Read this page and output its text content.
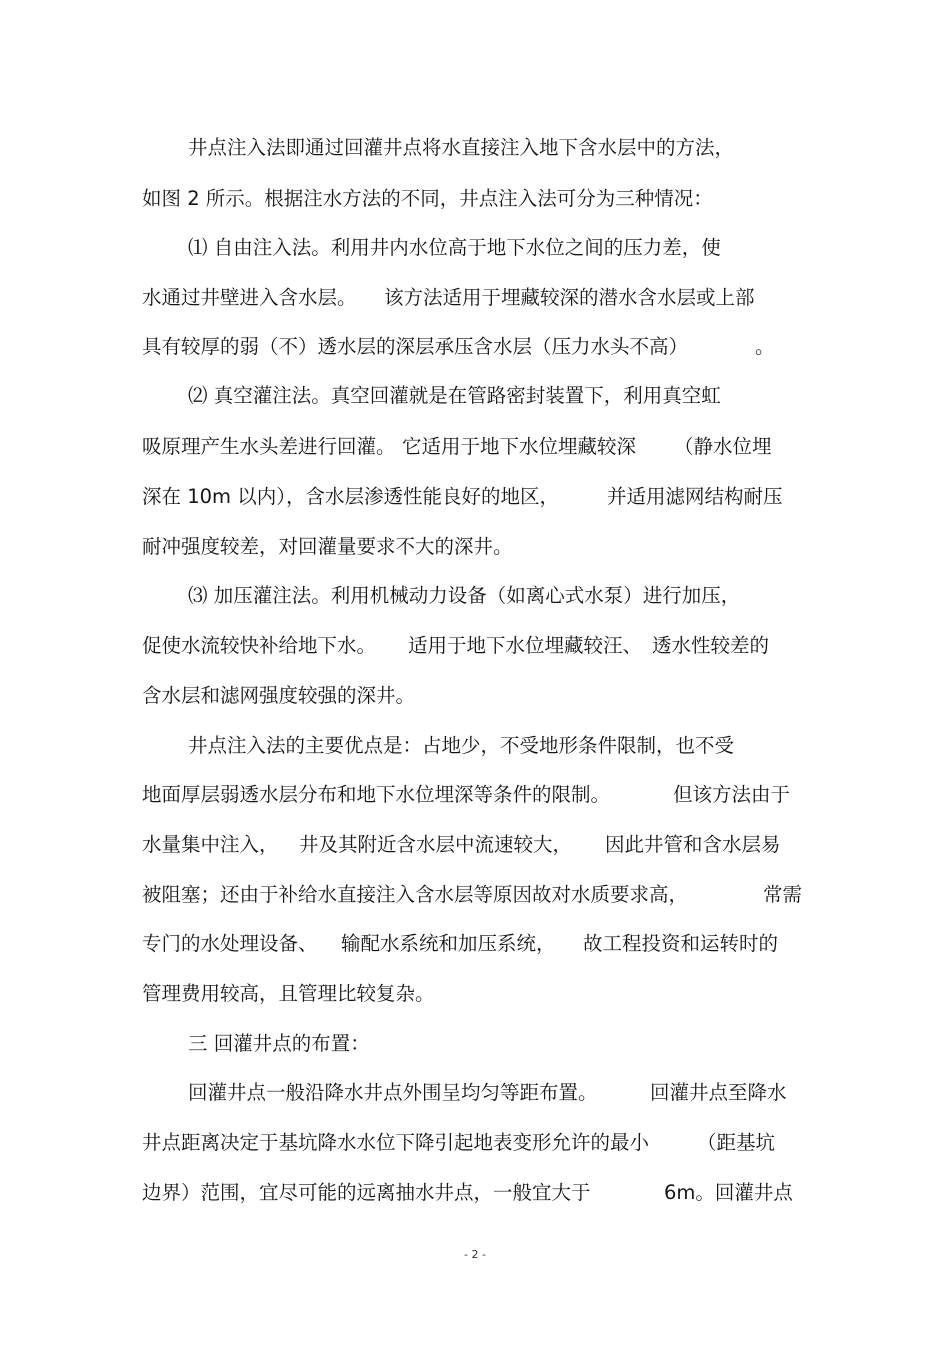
井点注入法即通过回灌井点将水直接注入地下含水层中的方法，
如图 2 所示。根据注水方法的不同，井点注入法可分为三种情况：
⑴ 自由注入法。利用井内水位高于地下水位之间的压力差，使
水通过井壁进入含水层。 该方法适用于埋藏较深的潜水含水层或上部
具有较厚的弱（不）透水层的深层承压含水层（压力水头不高）	。
⑵ 真空灌注法。真空回灌就是在管路密封装置下，利用真空虹
吸原理产生水头差进行回灌。 它适用于地下水位埋藏较深 （静水位埋
深在 10m 以内），含水层渗透性能良好的地区， 并适用滤网结构耐压
耐冲强度较差，对回灌量要求不大的深井。
⑶ 加压灌注法。利用机械动力设备（如离心式水泵）进行加压，
促使水流较快补给地下水。 适用于地下水位埋藏较汪、 透水性较差的
含水层和滤网强度较强的深井。
井点注入法的主要优点是：占地少，不受地形条件限制，也不受
地面厚层弱透水层分布和地下水位埋深等条件的限制。	但该方法由于
水量集中注入， 井及其附近含水层中流速较大， 因此井管和含水层易
被阻塞；还由于补给水直接注入含水层等原因故对水质要求高，	常需
专门的水处理设备、 输配水系统和加压系统， 故工程投资和运转时的
管理费用较高，且管理比较复杂。
三 回灌井点的布置：
回灌井点一般沿降水井点外围呈均匀等距布置。	回灌井点至降水
井点距离决定于基坑降水水位下降引起地表变形允许的最小 （距基坑
边界）范围，宜尽可能的远离抽水井点，一般宜大于	6m。回灌井点
- 2 -
